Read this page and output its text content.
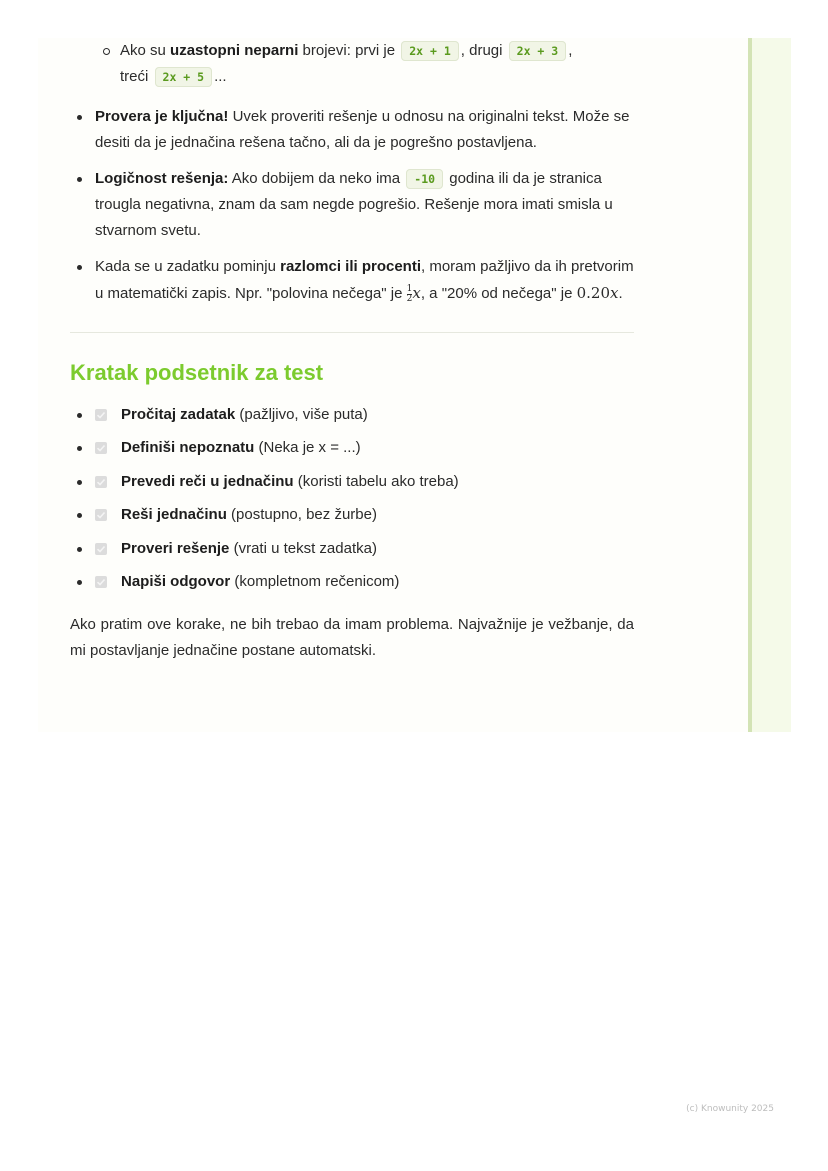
Ako su uzastopni neparni brojevi: prvi je 2x + 1 , drugi 2x + 3 ,
treći 2x + 5 ...
Provera je ključna! Uvek proveriti rešenje u odnosu na originalni tekst. Može se desiti da je jednačina rešena tačno, ali da je pogrešno postavljena.
Logičnost rešenja: Ako dobijem da neko ima -10 godina ili da je stranica trougla negativna, znam da sam negde pogrešio. Rešenje mora imati smisla u stvarnom svetu.
Kada se u zadatku pominju razlomci ili procenti, moram pažljivo da ih pretvorim u matematički zapis. Npr. "polovina nečega" je $\frac{1}{2} x$, a "20% od nečega" je 0.20x.
Kratak podsetnik za test
Pročitaj zadatak (pažljivo, više puta)
Definiši nepoznatu (Neka je x = ...)
Prevedi reči u jednačinu (koristi tabelu ako treba)
Reši jednačinu (postupno, bez žurbe)
Proveri rešenje (vrati u tekst zadatka)
Napiši odgovor (kompletnom rečenicom)

Ako pratim ove korake, ne bih trebao da imam problema. Najvažnije je vežbanje, da mi postavljanje jednačine postane automatski.

(c) Knowunity 2025
